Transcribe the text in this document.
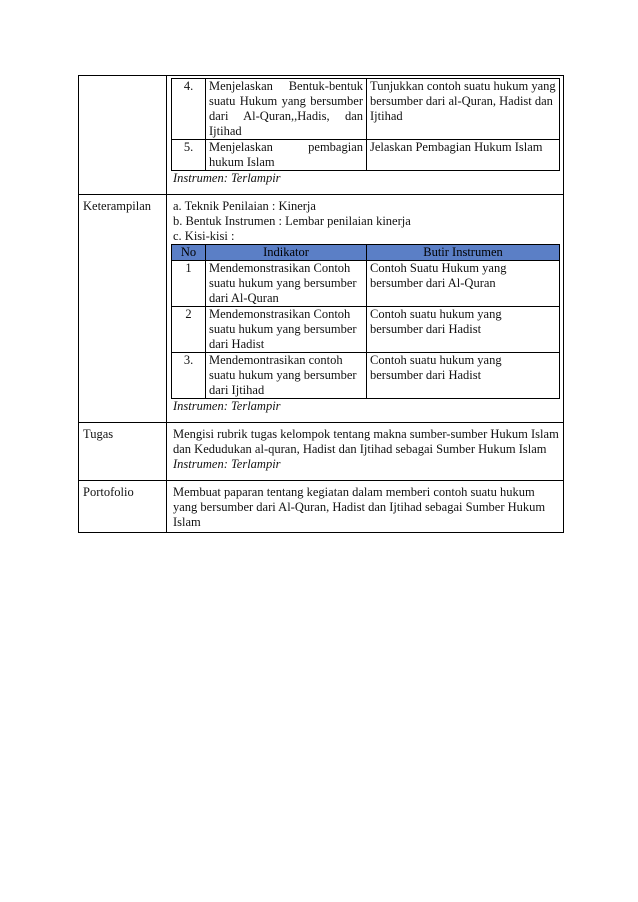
4.	Menjelaskan Bentuk-bentuk suatu Hukum yang bersumber dari Al-Quran,,Hadis, dan Ijtihad	Tunjukkan contoh suatu hukum yang bersumber dari al-Quran, Hadist dan Ijtihad
5.	Menjelaskan pembagian hukum Islam	Jelaskan Pembagian Hukum Islam

Instrumen: Terlampir

Keterampilan	a. Teknik Penilaian : Kinerja

b. Bentuk Instrumen : Lembar penilaian kinerja

c. Kisi-kisi :

No	Indikator	Butir Instrumen
1	Mendemonstrasikan Contoh suatu hukum yang bersumber dari Al-Quran	Contoh Suatu Hukum yang bersumber dari Al-Quran
2	Mendemonstrasikan Contoh suatu hukum yang bersumber dari Hadist	Contoh suatu hukum yang bersumber dari Hadist
3.	Mendemontrasikan contoh suatu hukum yang bersumber dari Ijtihad	Contoh suatu hukum yang bersumber dari Hadist

Instrumen: Terlampir

Tugas	Mengisi rubrik tugas kelompok tentang makna sumber-sumber Hukum Islam dan Kedudukan al-quran, Hadist dan Ijtihad sebagai Sumber Hukum Islam

Instrumen: Terlampir

Portofolio	Membuat paparan tentang kegiatan dalam memberi contoh suatu hukum yang bersumber dari Al-Quran, Hadist dan Ijtihad sebagai Sumber Hukum Islam
